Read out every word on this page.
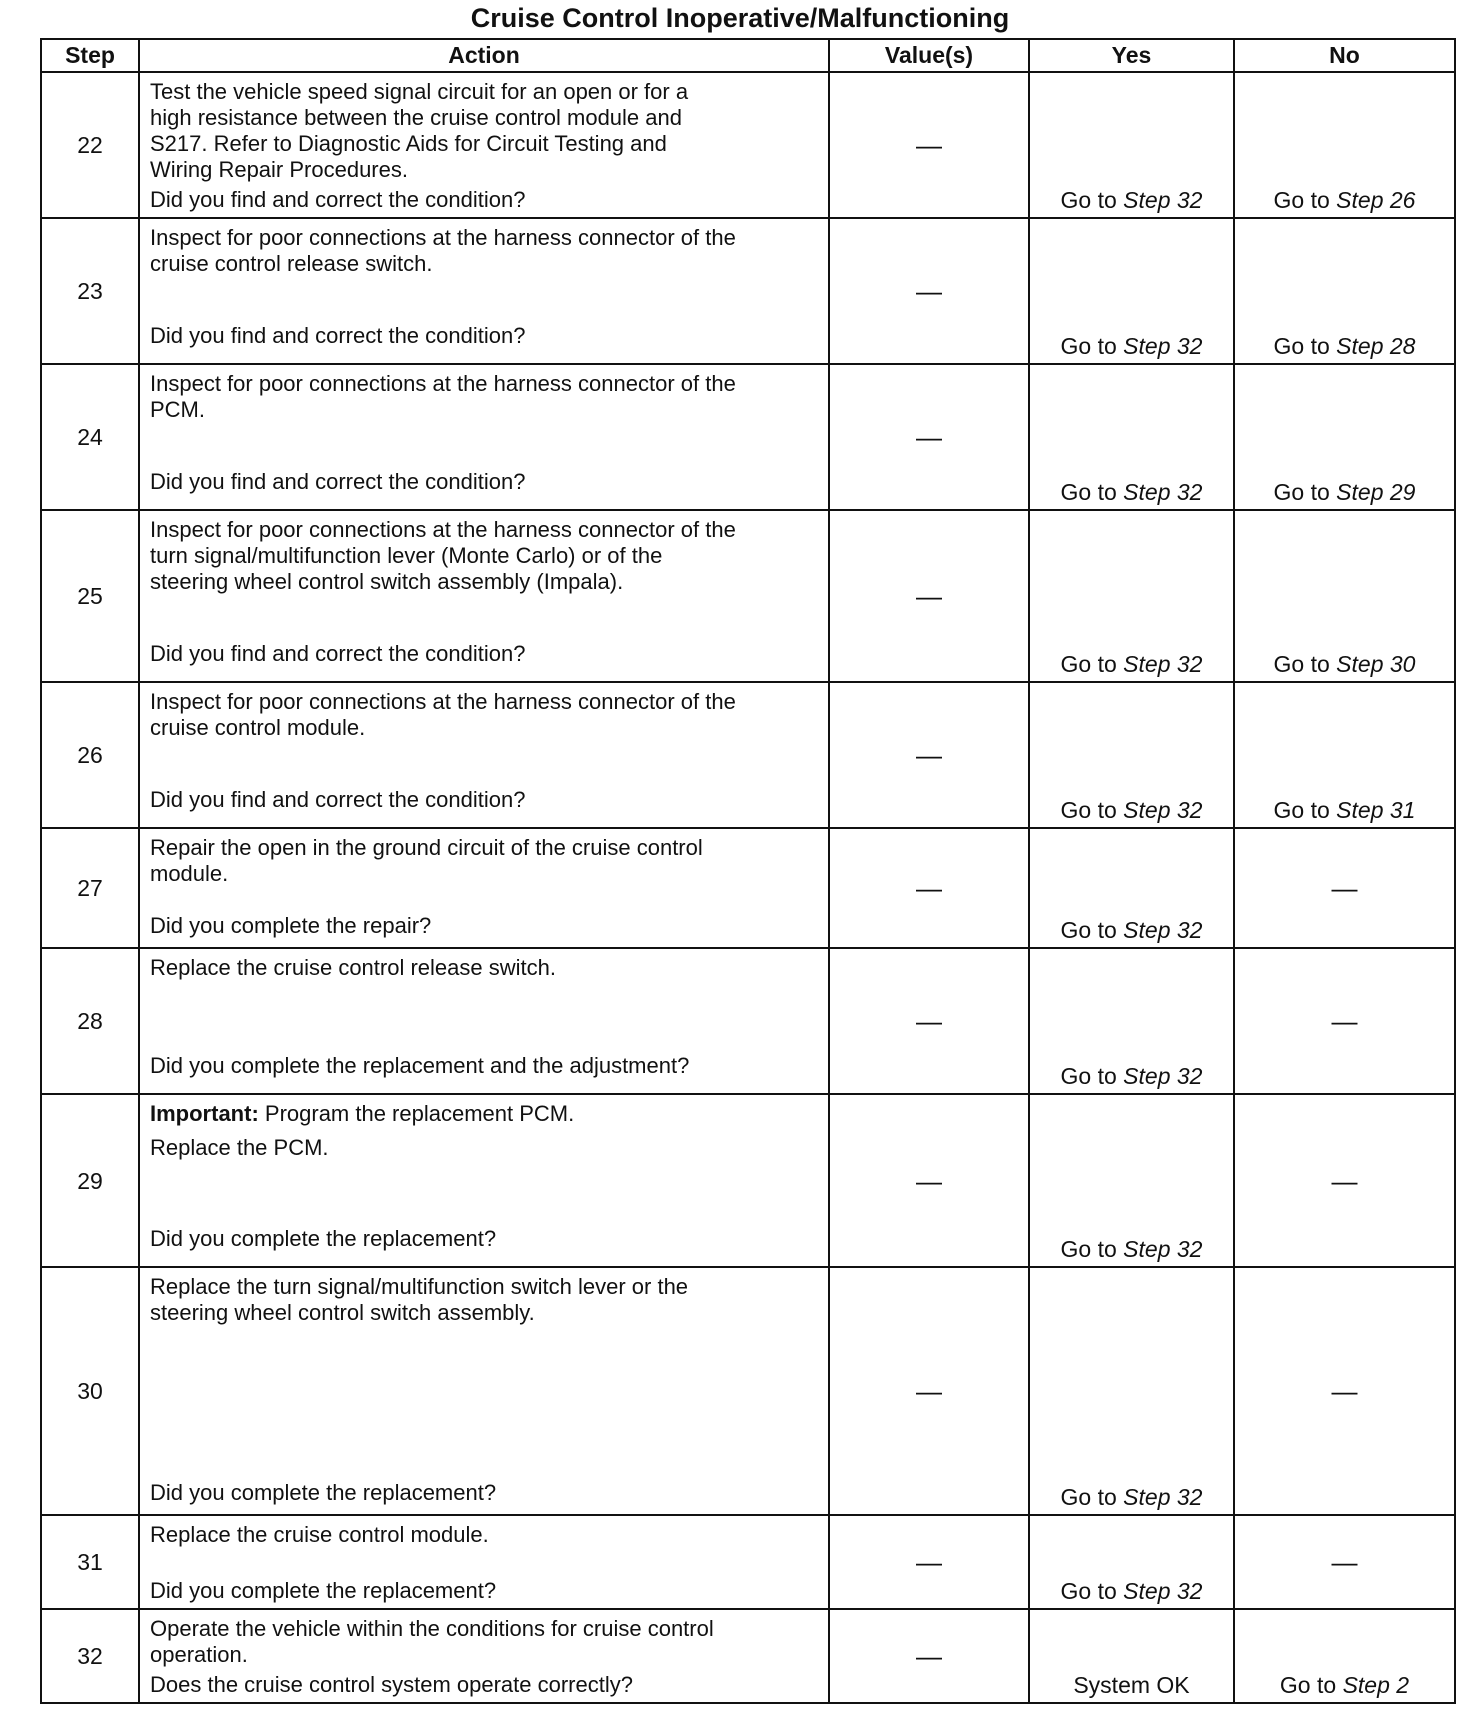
Cruise Control Inoperative/Malfunctioning
Step	Action	Value(s)	Yes	No
22	Test the vehicle speed signal circuit for an open or for a
high resistance between the cruise control module and
S217. Refer to Diagnostic Aids for Circuit Testing and
Wiring Repair Procedures.
Did you find and correct the condition?	—	Go to Step 32	Go to Step 26
23	Inspect for poor connections at the harness connector of the
cruise control release switch.
Did you find and correct the condition?	—	Go to Step 32	Go to Step 28
24	Inspect for poor connections at the harness connector of the
PCM.
Did you find and correct the condition?	—	Go to Step 32	Go to Step 29
25	Inspect for poor connections at the harness connector of the
turn signal/multifunction lever (Monte Carlo) or of the
steering wheel control switch assembly (Impala).
Did you find and correct the condition?	—	Go to Step 32	Go to Step 30
26	Inspect for poor connections at the harness connector of the
cruise control module.
Did you find and correct the condition?	—	Go to Step 32	Go to Step 31
27	Repair the open in the ground circuit of the cruise control
module.
Did you complete the repair?	—	Go to Step 32	—
28	Replace the cruise control release switch.
Did you complete the replacement and the adjustment?	—	Go to Step 32	—
29	Important: Program the replacement PCM.
Replace the PCM.
Did you complete the replacement?	—	Go to Step 32	—
30	Replace the turn signal/multifunction switch lever or the
steering wheel control switch assembly.
Did you complete the replacement?	—	Go to Step 32	—
31	Replace the cruise control module.
Did you complete the replacement?	—	Go to Step 32	—
32	Operate the vehicle within the conditions for cruise control
operation.
Does the cruise control system operate correctly?	—	System OK	Go to Step 2
